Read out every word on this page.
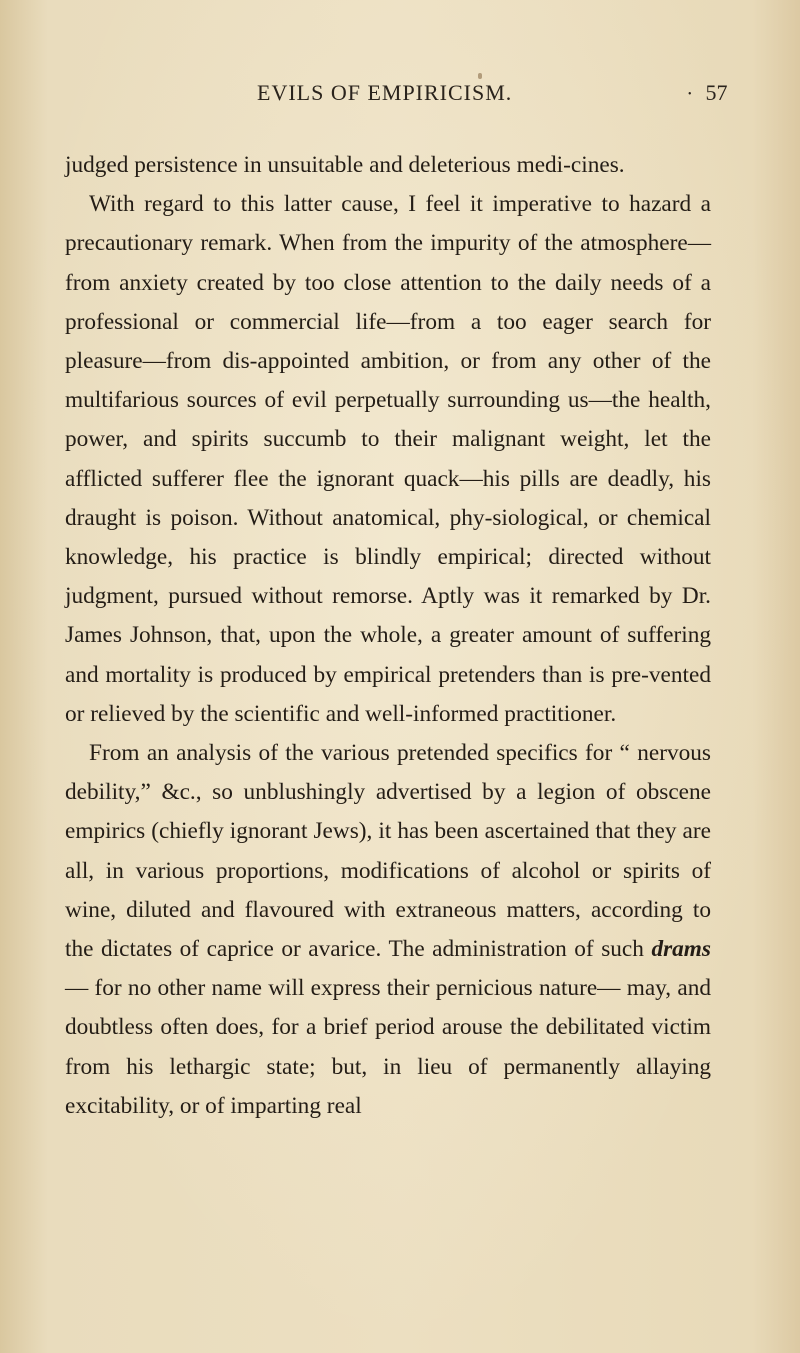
EVILS OF EMPIRICISM.
•	57

judged persistence in unsuitable and deleterious medi-cines.

With regard to this latter cause, I feel it imperative to hazard a precautionary remark. When from the impurity of the atmosphere—from anxiety created by too close attention to the daily needs of a professional or commercial life—from a too eager search for pleasure—from dis-appointed ambition, or from any other of the multifarious sources of evil perpetually surrounding us—the health, power, and spirits succumb to their malignant weight, let the afflicted sufferer flee the ignorant quack—his pills are deadly, his draught is poison. Without anatomical, phy-siological, or chemical knowledge, his practice is blindly empirical; directed without judgment, pursued without remorse. Aptly was it remarked by Dr. James Johnson, that, upon the whole, a greater amount of suffering and mortality is produced by empirical pretenders than is pre-vented or relieved by the scientific and well-informed practitioner.

From an analysis of the various pretended specifics for “ nervous debility,” &c., so unblushingly advertised by a legion of obscene empirics (chiefly ignorant Jews), it has been ascertained that they are all, in various proportions, modifications of alcohol or spirits of wine, diluted and flavoured with extraneous matters, according to the dictates of caprice or avarice. The administration of such drams— for no other name will express their pernicious nature— may, and doubtless often does, for a brief period arouse the debilitated victim from his lethargic state; but, in lieu of permanently allaying excitability, or of imparting real
